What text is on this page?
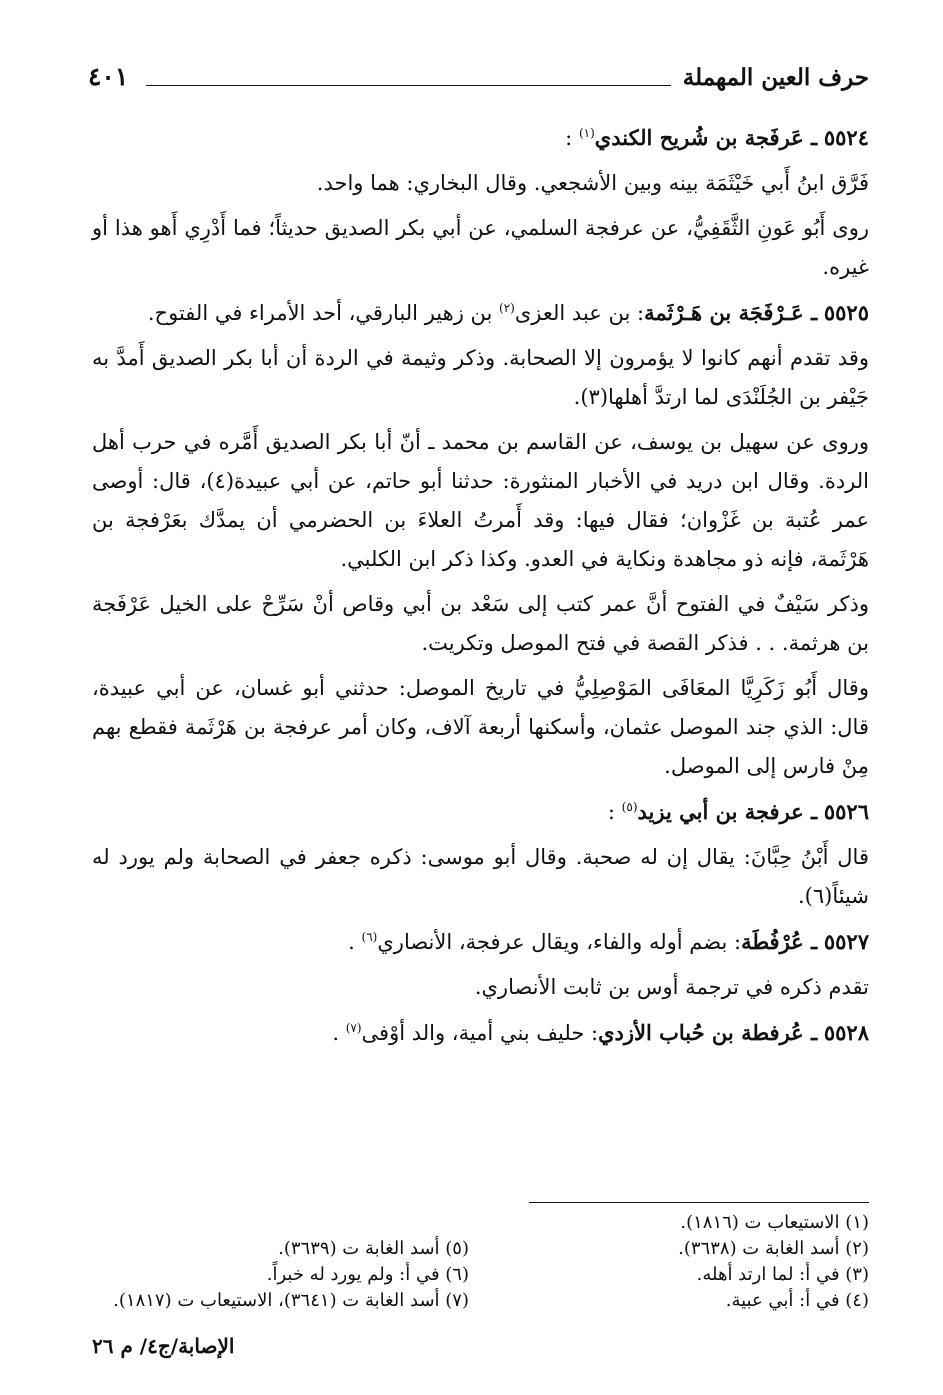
حرف العين المهملة
٤٠١

٥٥٢٤ ـ عَرفَجة بن شُريح الكندي$^{(١)}$ :

فَرَّق ابنُ أَبي خَيْثَمَة بينه وبين الأشجعي. وقال البخاري: هما واحد.

روى أَبُو عَونِ الثَّقَفِيُّ، عن عرفجة السلمي، عن أبي بكر الصديق حديثاً؛ فما أَدْرِي أَهو هذا أو غيره.

٥٥٢٥ ـ عَـرْفَجَة بن هَـرْثَمة: بن عبد العزى$^{(٢)}$ بن زهير البارقي، أحد الأمراء في الفتوح.

وقد تقدم أنهم كانوا لا يؤمرون إلا الصحابة. وذكر وثيمة في الردة أن أبا بكر الصديق أَمدَّ به جَيْفر بن الجُلَنْدَى لما ارتدَّ أهلها(٣).

وروى عن سهيل بن يوسف، عن القاسم بن محمد ـ أنّ أبا بكر الصديق أَمَّره في حرب أهل الردة. وقال ابن دريد في الأخبار المنثورة: حدثنا أبو حاتم، عن أبي عبيدة(٤)، قال: أوصى عمر عُتبة بن غَزْوان؛ فقال فيها: وقد أَمرتُ العلاءَ بن الحضرمي أن يمدَّك بعَرْفجة بن هَرْثَمة، فإنه ذو مجاهدة ونكاية في العدو. وكذا ذكر ابن الكلبي.

وذكر سَيْفٌ في الفتوح أنَّ عمر كتب إلى سَعْد بن أبي وقاص أنْ سَرِّحْ على الخيل عَرْفَجة بن هرثمة. . . فذكر القصة في فتح الموصل وتكريت.

وقال أَبُو زَكَرِيَّا المعَافَى المَوْصِلِيُّ في تاريخ الموصل: حدثني أبو غسان، عن أبي عبيدة، قال: الذي جند الموصل عثمان، وأسكنها أربعة آلاف، وكان أمر عرفجة بن هَرْثَمة فقطع بهم مِنْ فارس إلى الموصل.

٥٥٢٦ ـ عرفجة بن أبي يزيد$^{(٥)}$ :

قال أَبْنُ حِبَّانَ: يقال إن له صحبة. وقال أبو موسى: ذكره جعفر في الصحابة ولم يورد له شيئاً(٦).

٥٥٢٧ ـ عُرْفُطَة: بضم أوله والفاء، ويقال عرفجة، الأنصاري$^{(٦)}$ .

تقدم ذكره في ترجمة أوس بن ثابت الأنصاري.

٥٥٢٨ ـ عُرفطة بن حُباب الأزدي: حليف بني أمية، والد أوْفى$^{(٧)}$ .

(١) الاستيعاب ت (١٨١٦).
(٢) أسد الغابة ت (٣٦٣٨).
(٣) في أ: لما ارتد أهله.
(٤) في أ: أبي عبية.

(٥) أسد الغابة ت (٣٦٣٩).
(٦) في أ: ولم يورد له خبراً.
(٧) أسد الغابة ت (٣٦٤١)، الاستيعاب ت (١٨١٧).
الإصابة/ج٤/ م ٢٦
